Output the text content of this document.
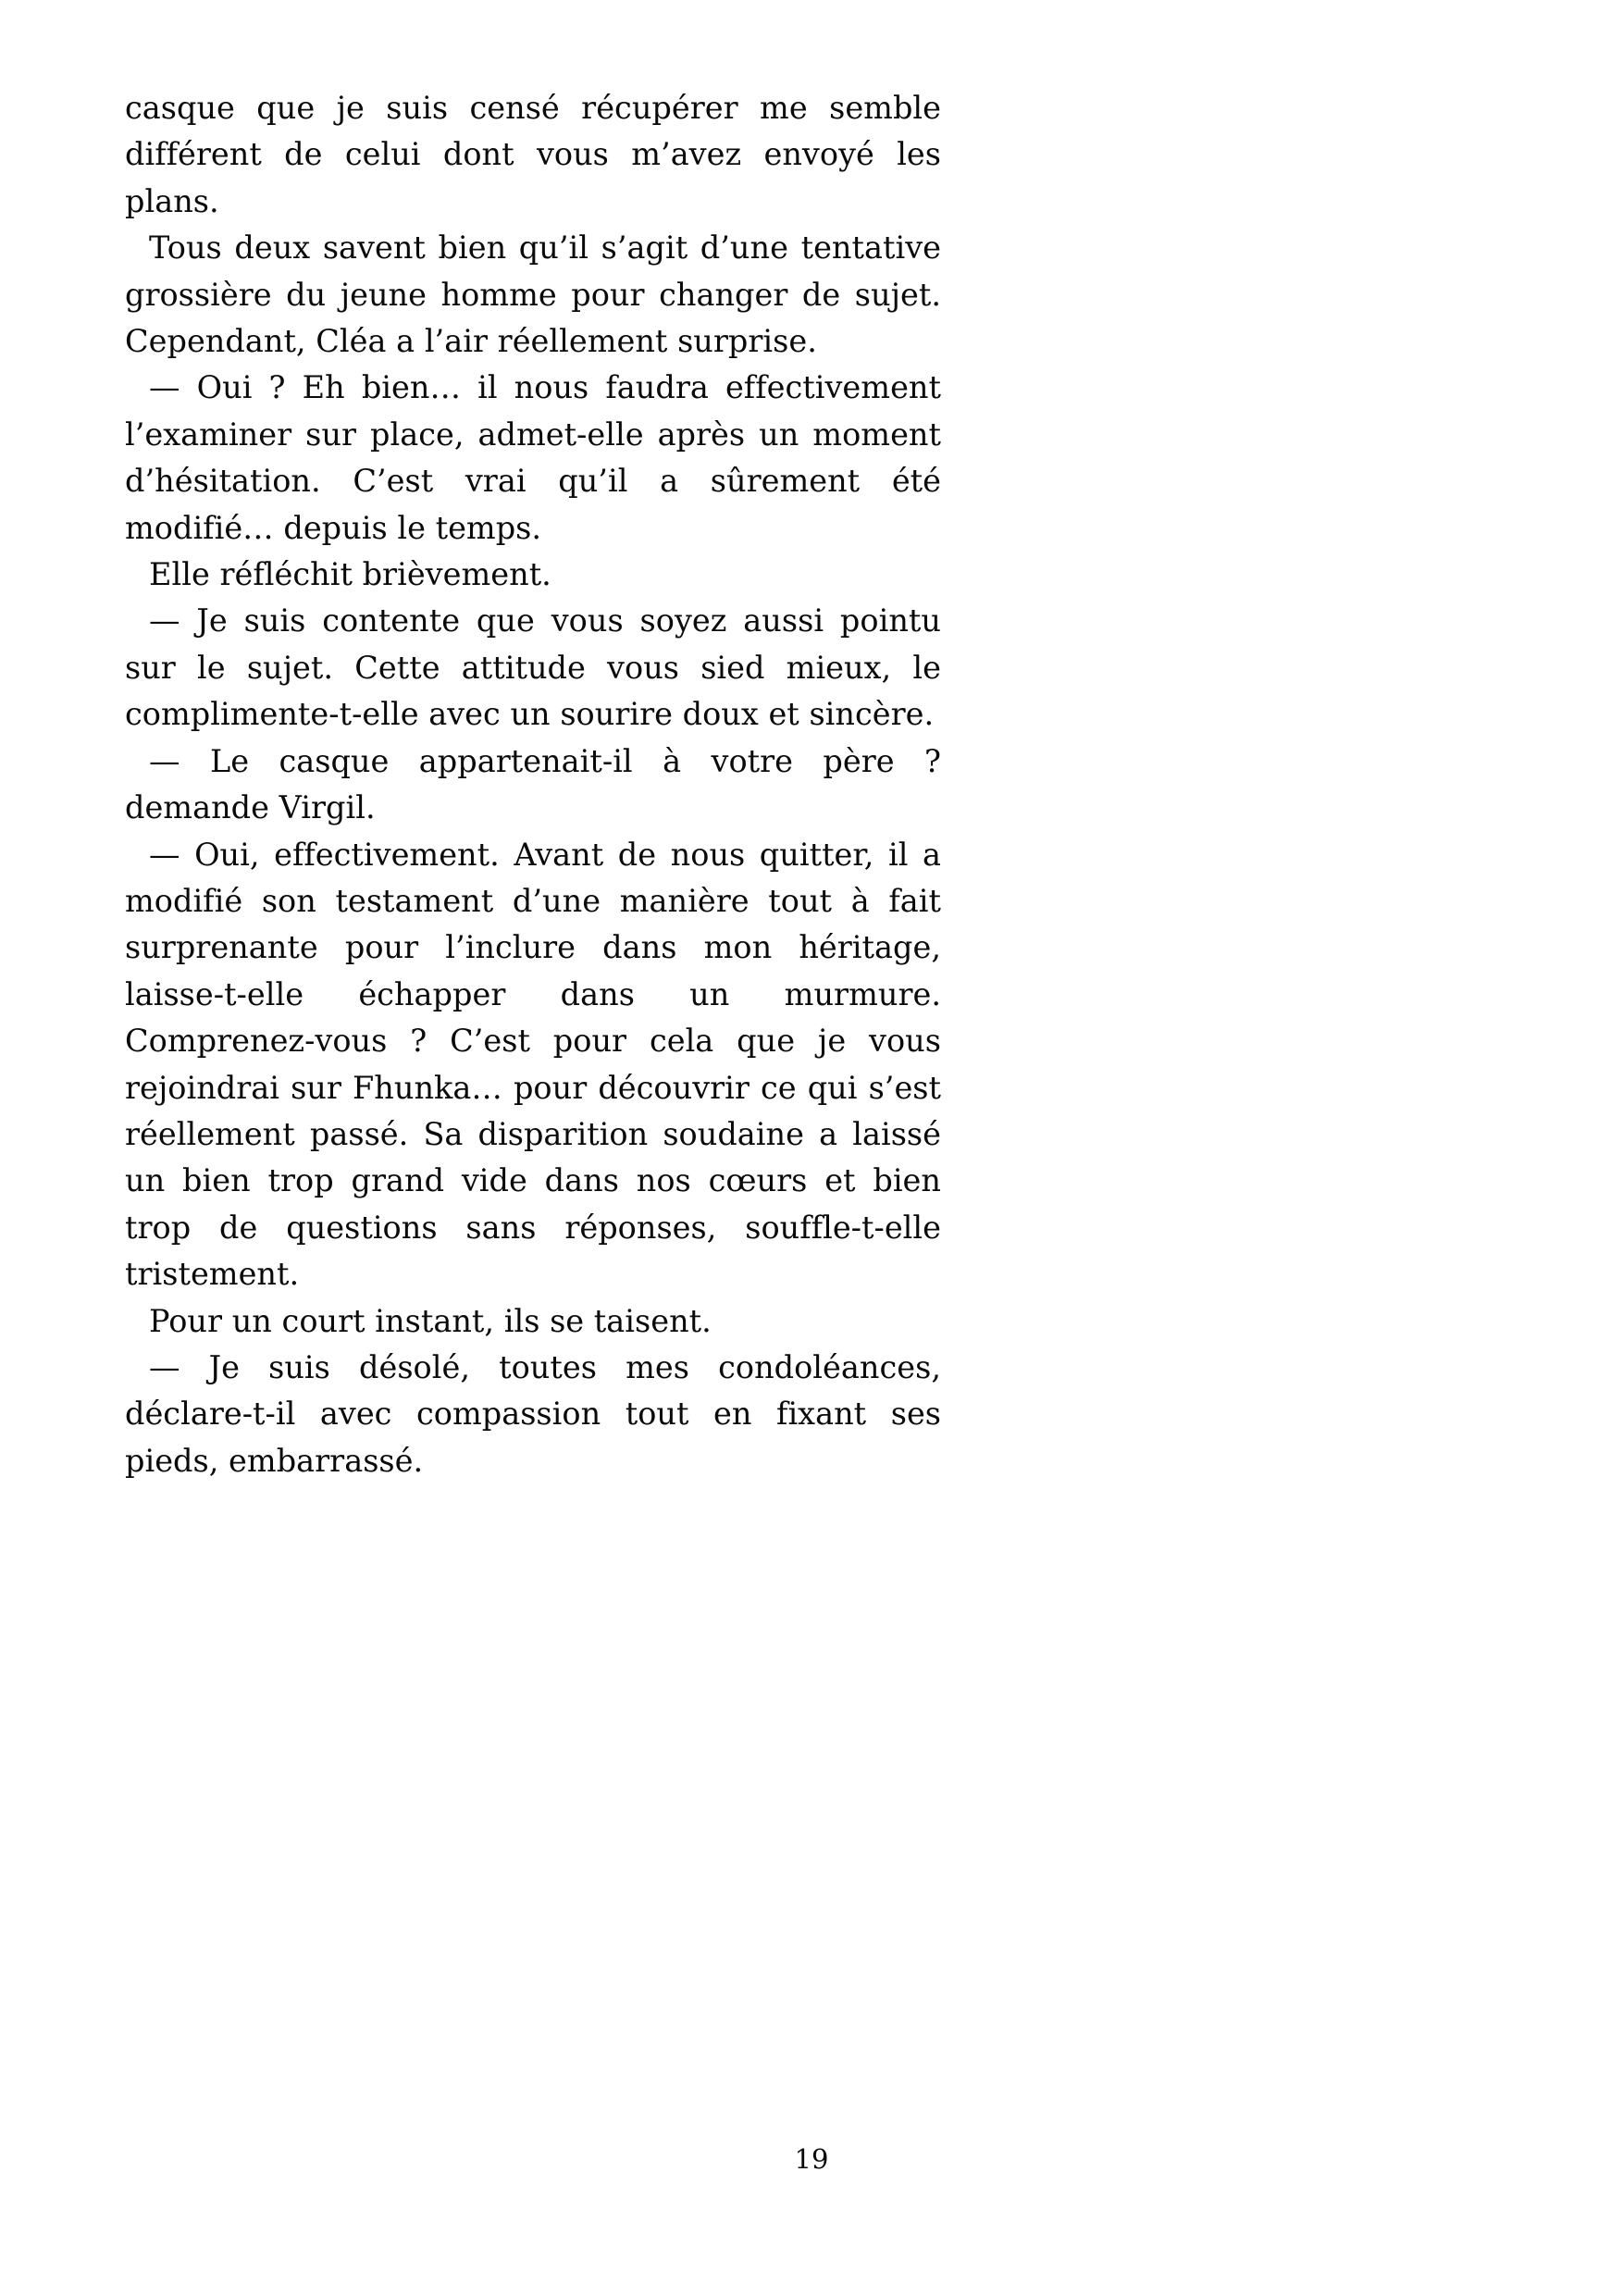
casque que je suis censé récupérer me semble différent de celui dont vous m’avez envoyé les plans.

Tous deux savent bien qu’il s’agit d’une tentative grossière du jeune homme pour changer de sujet. Cependant, Cléa a l’air réellement surprise.

— Oui ? Eh bien… il nous faudra effectivement l’examiner sur place, admet-elle après un moment d’hésitation. C’est vrai qu’il a sûrement été modifié… depuis le temps.

Elle réfléchit brièvement.

— Je suis contente que vous soyez aussi pointu sur le sujet. Cette attitude vous sied mieux, le complimente-t-elle avec un sourire doux et sincère.

— Le casque appartenait-il à votre père ? demande Virgil.

— Oui, effectivement. Avant de nous quitter, il a modifié son testament d’une manière tout à fait surprenante pour l’inclure dans mon héritage, laisse-t-elle échapper dans un murmure. Comprenez-vous ? C’est pour cela que je vous rejoindrai sur Fhunka… pour découvrir ce qui s’est réellement passé. Sa disparition soudaine a laissé un bien trop grand vide dans nos cœurs et bien trop de questions sans réponses, souffle-t-elle tristement.

Pour un court instant, ils se taisent.

— Je suis désolé, toutes mes condoléances, déclare-t-il avec compassion tout en fixant ses pieds, embarrassé.

19
